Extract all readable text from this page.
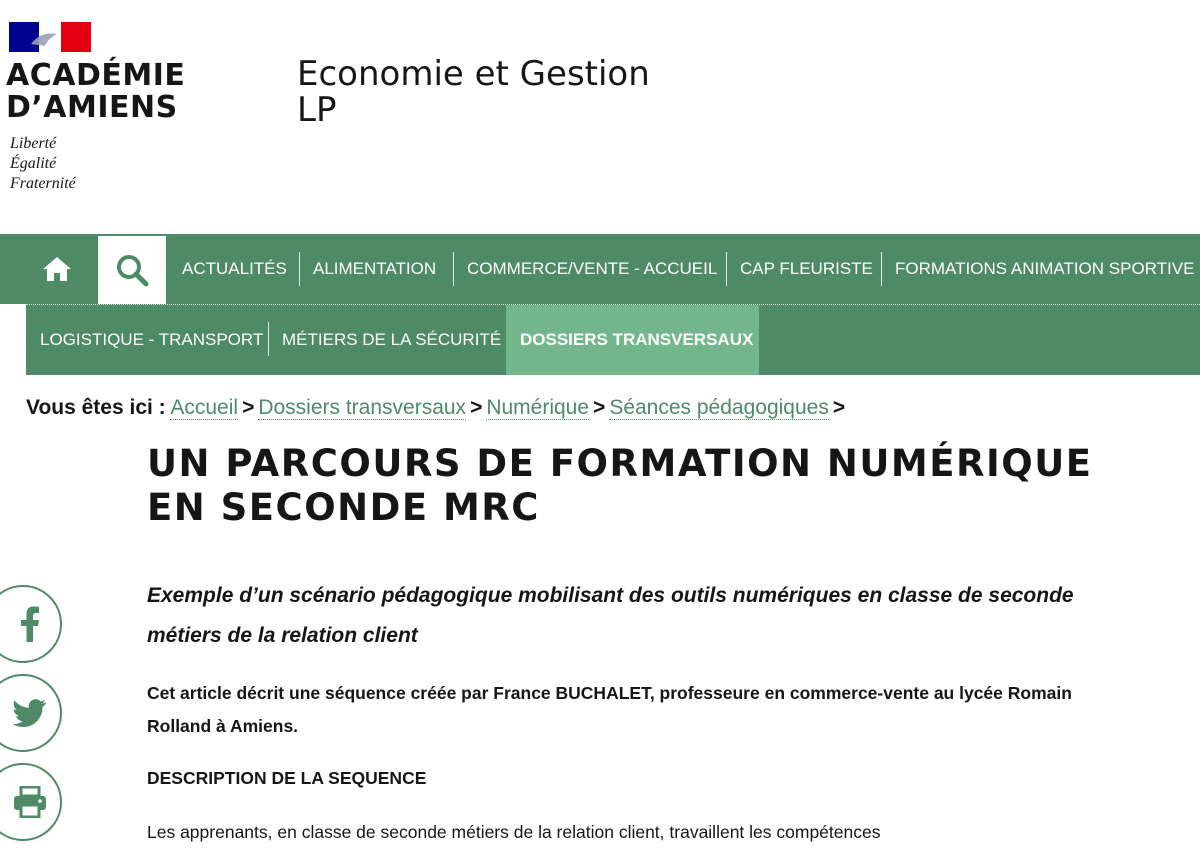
ACADÉMIE
D’AMIENS
Liberté
Égalité
Fraternité
Economie et Gestion
LP
ACTUALITÉS ALIMENTATION COMMERCE/VENTE - ACCUEIL CAP FLEURISTE FORMATIONS ANIMATION SPORTIVE
LOGISTIQUE - TRANSPORT MÉTIERS DE LA SÉCURITÉ DOSSIERS TRANSVERSAUX
Vous êtes ici : Accueil > Dossiers transversaux > Numérique > Séances pédagogiques >
UN PARCOURS DE FORMATION NUMÉRIQUE EN SECONDE MRC

Exemple d’un scénario pédagogique mobilisant des outils numériques en classe de seconde métiers de la relation client

Cet article décrit une séquence créée par France BUCHALET, professeure en commerce-vente au lycée Romain Rolland à Amiens.

DESCRIPTION DE LA SEQUENCE

Les apprenants, en classe de seconde métiers de la relation client, travaillent les compétences
